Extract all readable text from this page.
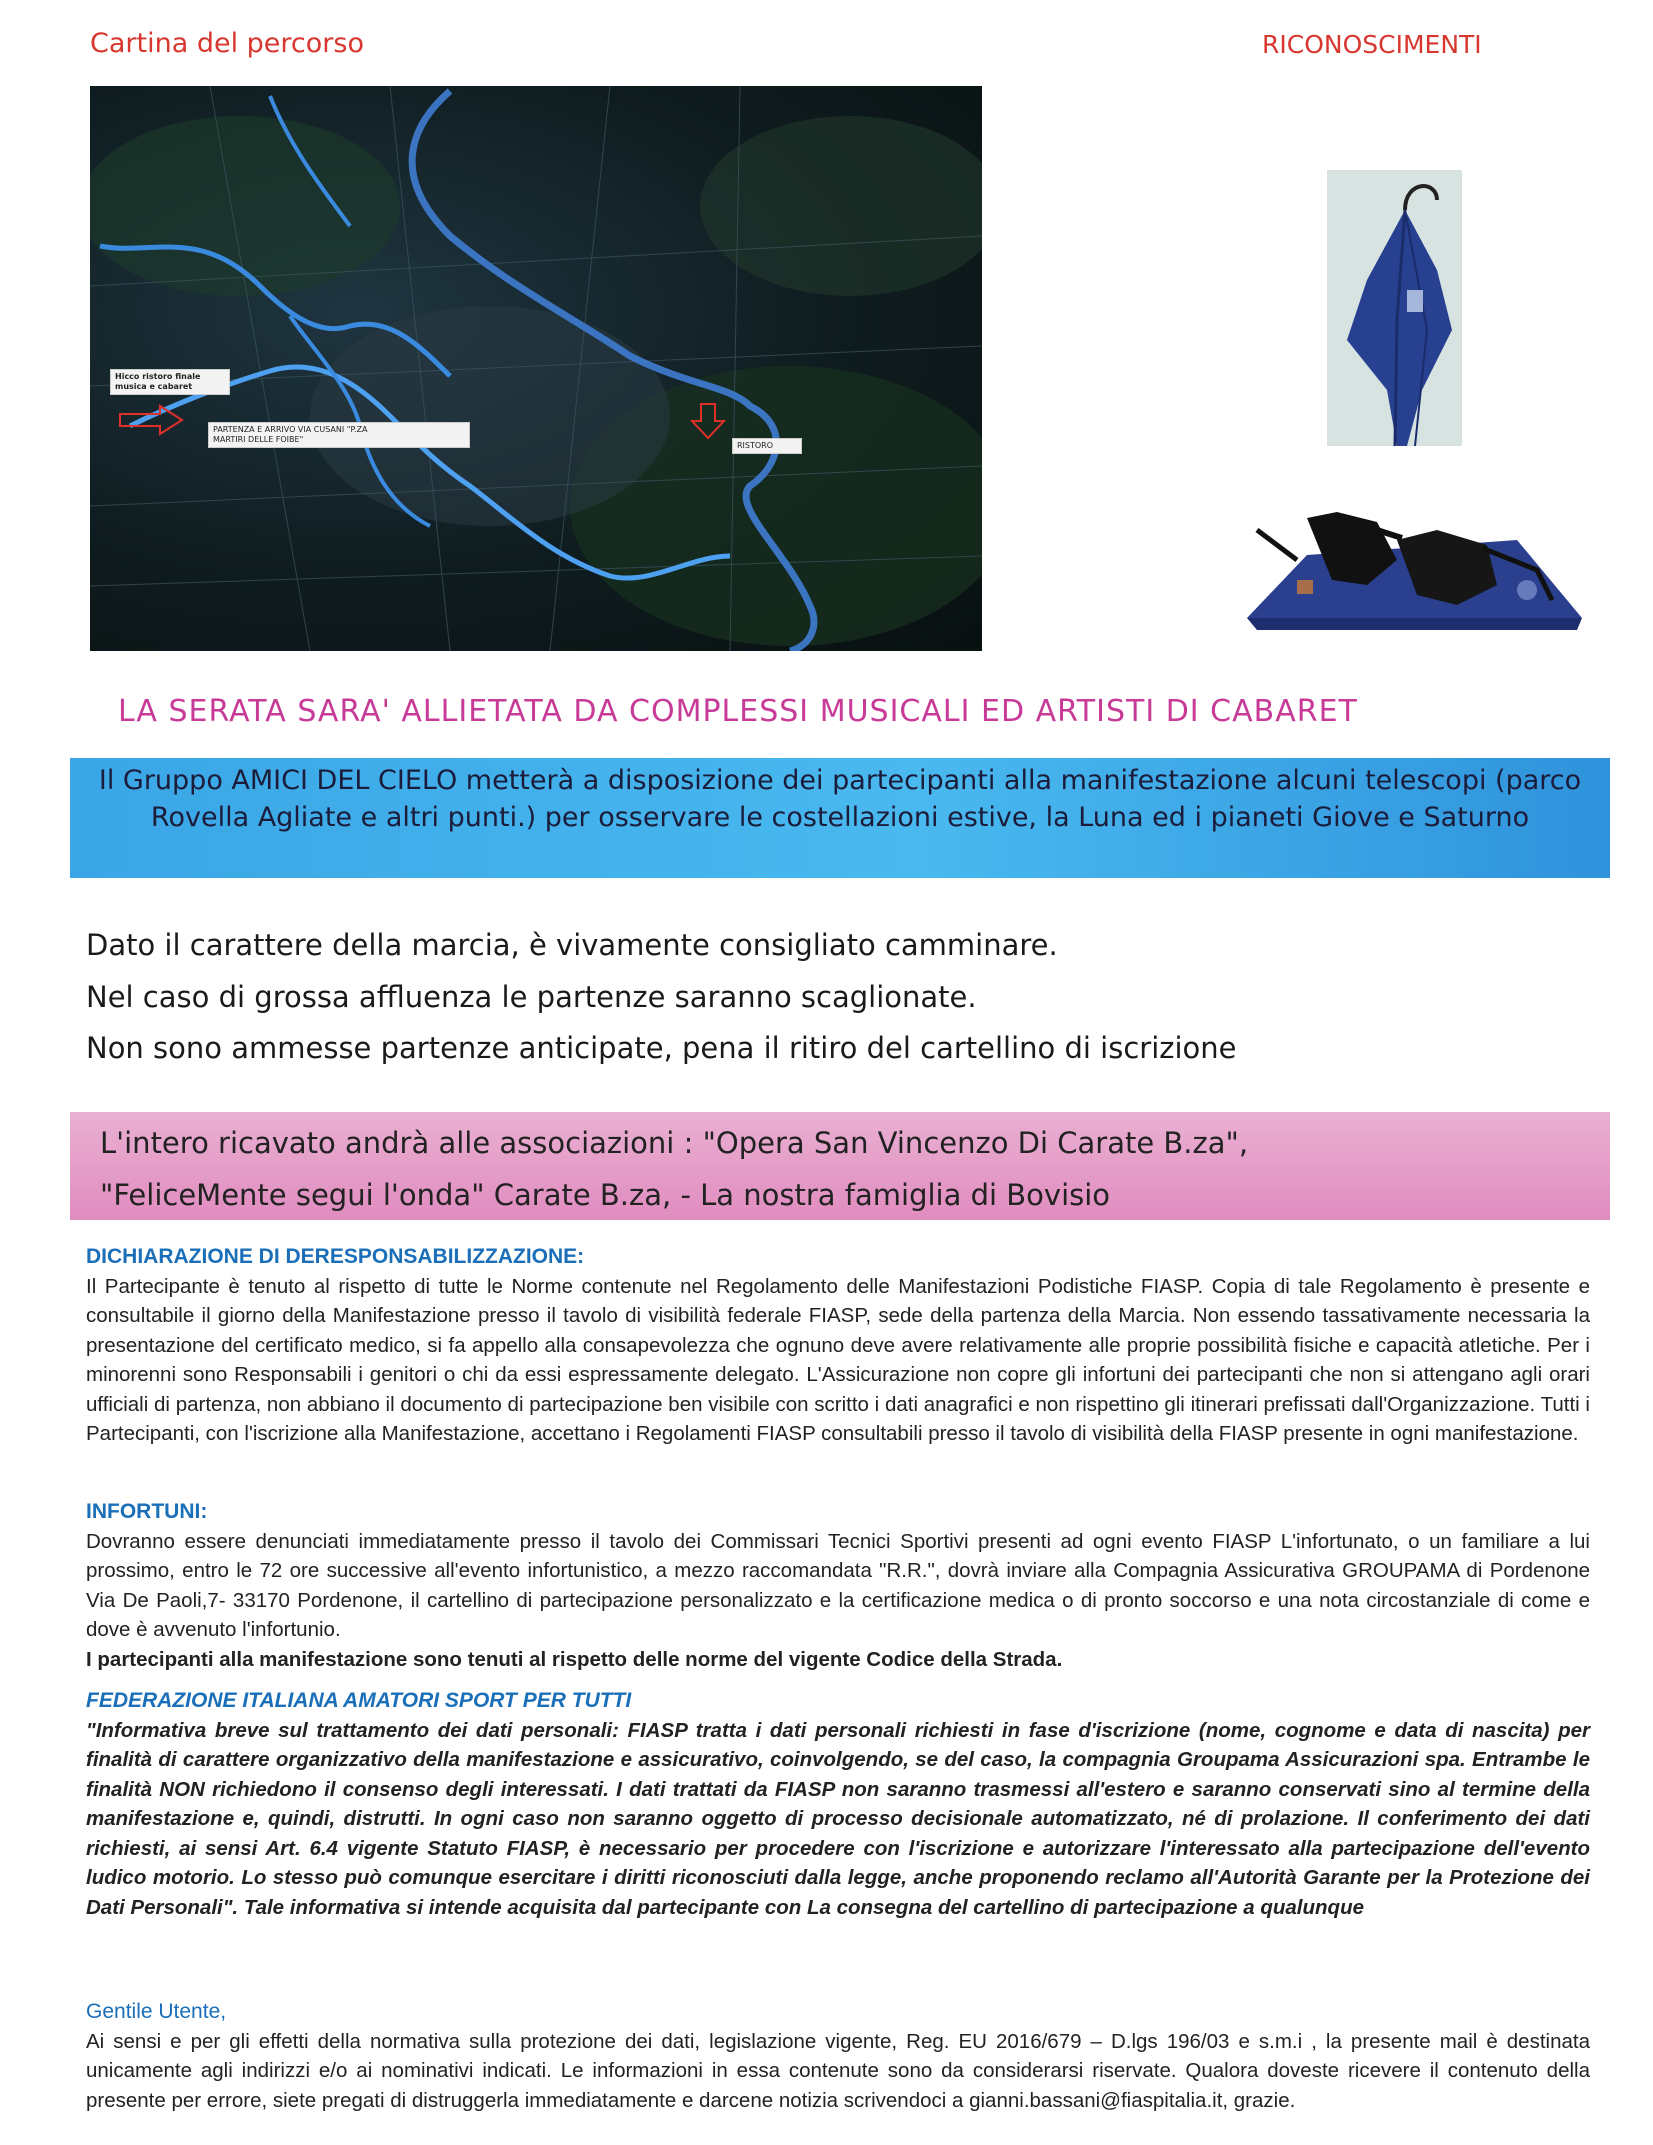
Cartina del percorso	RICONOSCIMENTI
Hicco ristoro finale
musica e cabaret
PARTENZA E ARRIVO VIA CUSANI "P.ZA
MARTIRI DELLE FOIBE"
RISTORO
LA SERATA SARA' ALLIETATA DA COMPLESSI MUSICALI ED ARTISTI DI CABARET

Il Gruppo AMICI DEL CIELO metterà a disposizione dei partecipanti alla manifestazione alcuni telescopi (parco Rovella Agliate e altri punti.) per osservare le costellazioni estive, la Luna ed i pianeti Giove e Saturno

Dato il carattere della marcia, è vivamente consigliato camminare.
Nel caso di grossa affluenza le partenze saranno scaglionate.
Non sono ammesse partenze anticipate, pena il ritiro del cartellino di iscrizione

L'intero ricavato andrà alle associazioni : "Opera San Vincenzo Di Carate B.za",

"FeliceMente segui l'onda" Carate B.za, - La nostra famiglia di Bovisio

DICHIARAZIONE DI DERESPONSABILIZZAZIONE:

Il Partecipante è tenuto al rispetto di tutte le Norme contenute nel Regolamento delle Manifestazioni Podistiche FIASP. Copia di tale Regolamento è presente e consultabile il giorno della Manifestazione presso il tavolo di visibilità federale FIASP, sede della partenza della Marcia. Non essendo tassativamente necessaria la presentazione del certificato medico, si fa appello alla consapevolezza che ognuno deve avere relativamente alle proprie possibilità fisiche e capacità atletiche. Per i minorenni sono Responsabili i genitori o chi da essi espressamente delegato. L'Assicurazione non copre gli infortuni dei partecipanti che non si attengano agli orari ufficiali di partenza, non abbiano il documento di partecipazione ben visibile con scritto i dati anagrafici e non rispettino gli itinerari prefissati dall'Organizzazione. Tutti i Partecipanti, con l'iscrizione alla Manifestazione, accettano i Regolamenti FIASP consultabili presso il tavolo di visibilità della FIASP presente in ogni manifestazione.

INFORTUNI:

Dovranno essere denunciati immediatamente presso il tavolo dei Commissari Tecnici Sportivi presenti ad ogni evento FIASP L'infortunato, o un familiare a lui prossimo, entro le 72 ore successive all'evento infortunistico, a mezzo raccomandata "R.R.", dovrà inviare alla Compagnia Assicurativa GROUPAMA di Pordenone Via De Paoli,7- 33170 Pordenone, il cartellino di partecipazione personalizzato e la certificazione medica o di pronto soccorso e una nota circostanziale di come e dove è avvenuto l'infortunio.

I partecipanti alla manifestazione sono tenuti al rispetto delle norme del vigente Codice della Strada.

FEDERAZIONE ITALIANA AMATORI SPORT PER TUTTI

"Informativa breve sul trattamento dei dati personali: FIASP tratta i dati personali richiesti in fase d'iscrizione (nome, cognome e data di nascita) per finalità di carattere organizzativo della manifestazione e assicurativo, coinvolgendo, se del caso, la compagnia Groupama Assicurazioni spa. Entrambe le finalità NON richiedono il consenso degli interessati. I dati trattati da FIASP non saranno trasmessi all'estero e saranno conservati sino al termine della manifestazione e, quindi, distrutti. In ogni caso non saranno oggetto di processo decisionale automatizzato, né di prolazione. Il conferimento dei dati richiesti, ai sensi Art. 6.4 vigente Statuto FIASP, è necessario per procedere con l'iscrizione e autorizzare l'interessato alla partecipazione dell'evento ludico motorio. Lo stesso può comunque esercitare i diritti riconosciuti dalla legge, anche proponendo reclamo all'Autorità Garante per la Protezione dei Dati Personali". Tale informativa si intende acquisita dal partecipante con La consegna del cartellino di partecipazione a qualunque

Gentile Utente,

Ai sensi e per gli effetti della normativa sulla protezione dei dati, legislazione vigente, Reg. EU 2016/679 – D.lgs 196/03 e s.m.i , la presente mail è destinata unicamente agli indirizzi e/o ai nominativi indicati. Le informazioni in essa contenute sono da considerarsi riservate. Qualora doveste ricevere il contenuto della presente per errore, siete pregati di distruggerla immediatamente e darcene notizia scrivendoci a gianni.bassani@fiaspitalia.it, grazie.
